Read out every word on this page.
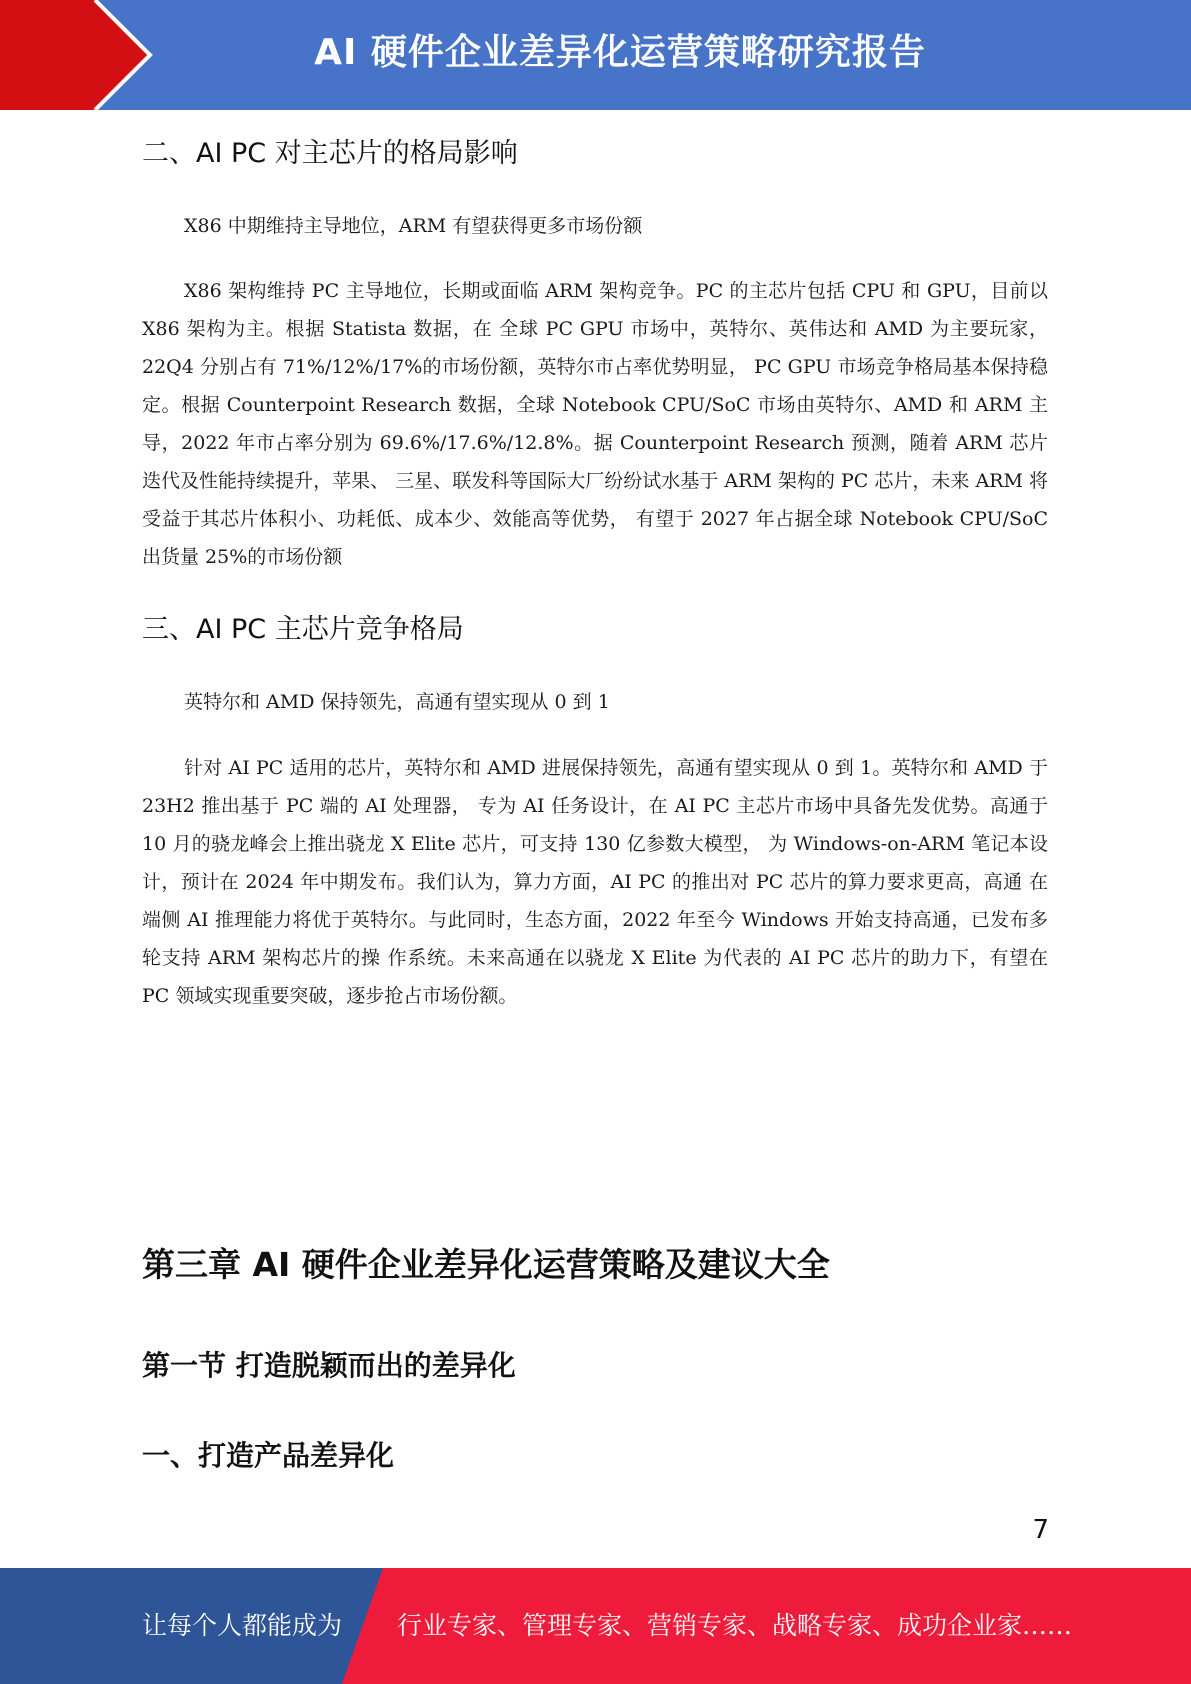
AI 硬件企业差异化运营策略研究报告
二、AI PC 对主芯片的格局影响

X86 中期维持主导地位，ARM 有望获得更多市场份额

X86 架构维持 PC 主导地位，长期或面临 ARM 架构竞争。PC 的主芯片包括 CPU 和 GPU，目前以 X86 架构为主。根据 Statista 数据，在 全球 PC GPU 市场中，英特尔、英伟达和 AMD 为主要玩家，22Q4 分别占有 71%/12%/17%的市场份额，英特尔市占率优势明显， PC GPU 市场竞争格局基本保持稳定。根据 Counterpoint Research 数据，全球 Notebook CPU/SoC 市场由英特尔、AMD 和 ARM 主导，2022 年市占率分别为 69.6%/17.6%/12.8%。据 Counterpoint Research 预测，随着 ARM 芯片迭代及性能持续提升，苹果、 三星、联发科等国际大厂纷纷试水基于 ARM 架构的 PC 芯片，未来 ARM 将受益于其芯片体积小、功耗低、成本少、效能高等优势， 有望于 2027 年占据全球 Notebook CPU/SoC 出货量 25%的市场份额

三、AI PC 主芯片竞争格局

英特尔和 AMD 保持领先，高通有望实现从 0 到 1

针对 AI PC 适用的芯片，英特尔和 AMD 进展保持领先，高通有望实现从 0 到 1。英特尔和 AMD 于 23H2 推出基于 PC 端的 AI 处理器， 专为 AI 任务设计，在 AI PC 主芯片市场中具备先发优势。高通于 10 月的骁龙峰会上推出骁龙 X Elite 芯片，可支持 130 亿参数大模型， 为 Windows-on-ARM 笔记本设计，预计在 2024 年中期发布。我们认为，算力方面，AI PC 的推出对 PC 芯片的算力要求更高，高通 在端侧 AI 推理能力将优于英特尔。与此同时，生态方面，2022 年至今 Windows 开始支持高通，已发布多轮支持 ARM 架构芯片的操 作系统。未来高通在以骁龙 X Elite 为代表的 AI PC 芯片的助力下，有望在 PC 领域实现重要突破，逐步抢占市场份额。

第三章 AI 硬件企业差异化运营策略及建议大全
第一节 打造脱颖而出的差异化
一、打造产品差异化
7
让每个人都能成为 行业专家、管理专家、营销专家、战略专家、成功企业家……
